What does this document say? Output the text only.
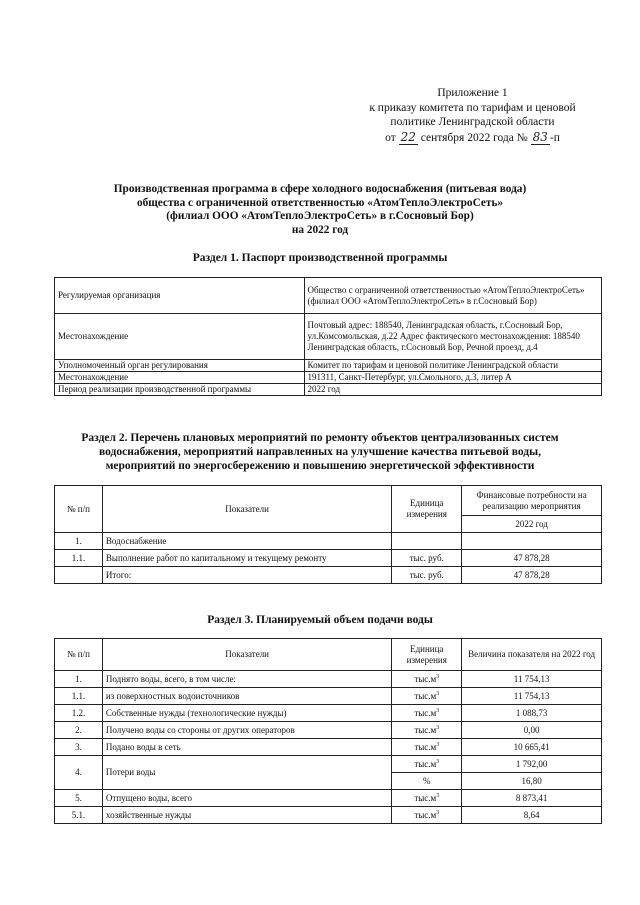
Приложение 1
к приказу комитета по тарифам и ценовой
политике Ленинградской области
от 22 сентября 2022 года № 83 -п
Производственная программа в сфере холодного водоснабжения (питьевая вода)
общества с ограниченной ответственностью «АтомТеплоЭлектроСеть»
(филиал ООО «АтомТеплоЭлектроСеть» в г.Сосновый Бор)
на 2022 год
Раздел 1. Паспорт производственной программы
Регулируемая организация	Общество с ограниченной ответственностью «АтомТеплоЭлектроСеть» (филиал ООО «АтомТеплоЭлектроСеть» в г.Сосновый Бор)
Местонахождение	Почтовый адрес: 188540, Ленинградская область, г.Сосновый Бор, ул.Комсомольская, д.22 Адрес фактического местонахождения: 188540 Ленинградская область, г.Сосновый Бор, Речной проезд, д.4
Уполномоченный орган регулирования	Комитет по тарифам и ценовой политике Ленинградской области
Местонахождение	191311, Санкт-Петербург, ул.Смольного, д.3, литер А
Период реализации производственной программы	2022 год
Раздел 2. Перечень плановых мероприятий по ремонту объектов централизованных систем
водоснабжения, мероприятий направленных на улучшение качества питьевой воды,
мероприятий по энергосбережению и повышению энергетической эффективности
№ п/п	Показатели	Единица измерения	Финансовые потребности на реализацию мероприятия
			2022 год
1.	Водоснабжение		
1.1.	Выполнение работ по капитальному и текущему ремонту	тыс. руб.	47 878,28
	Итого:	тыс. руб.	47 878,28
Раздел 3. Планируемый объем подачи воды
№ п/п	Показатели	Единица измерения	Величина показателя на 2022 год
1.	Поднято воды, всего, в том числе:	$тыс.м^3$	11 754,13
1.1.	из поверхностных водоисточников	$тыс.м^3$	11 754,13
1.2.	Собственные нужды (технологические нужды)	$тыс.м^3$	1 088,73
2.	Получено воды со стороны от других операторов	$тыс.м^3$	0,00
3.	Подано воды в сеть	$тыс.м^3$	10 665,41
4.	Потери воды	$тыс.м^3$	1 792,00
		%	16,80
5.	Отпущено воды, всего	$тыс.м^3$	8 873,41
5.1.	хозяйственные нужды	$тыс.м^3$	8,64
